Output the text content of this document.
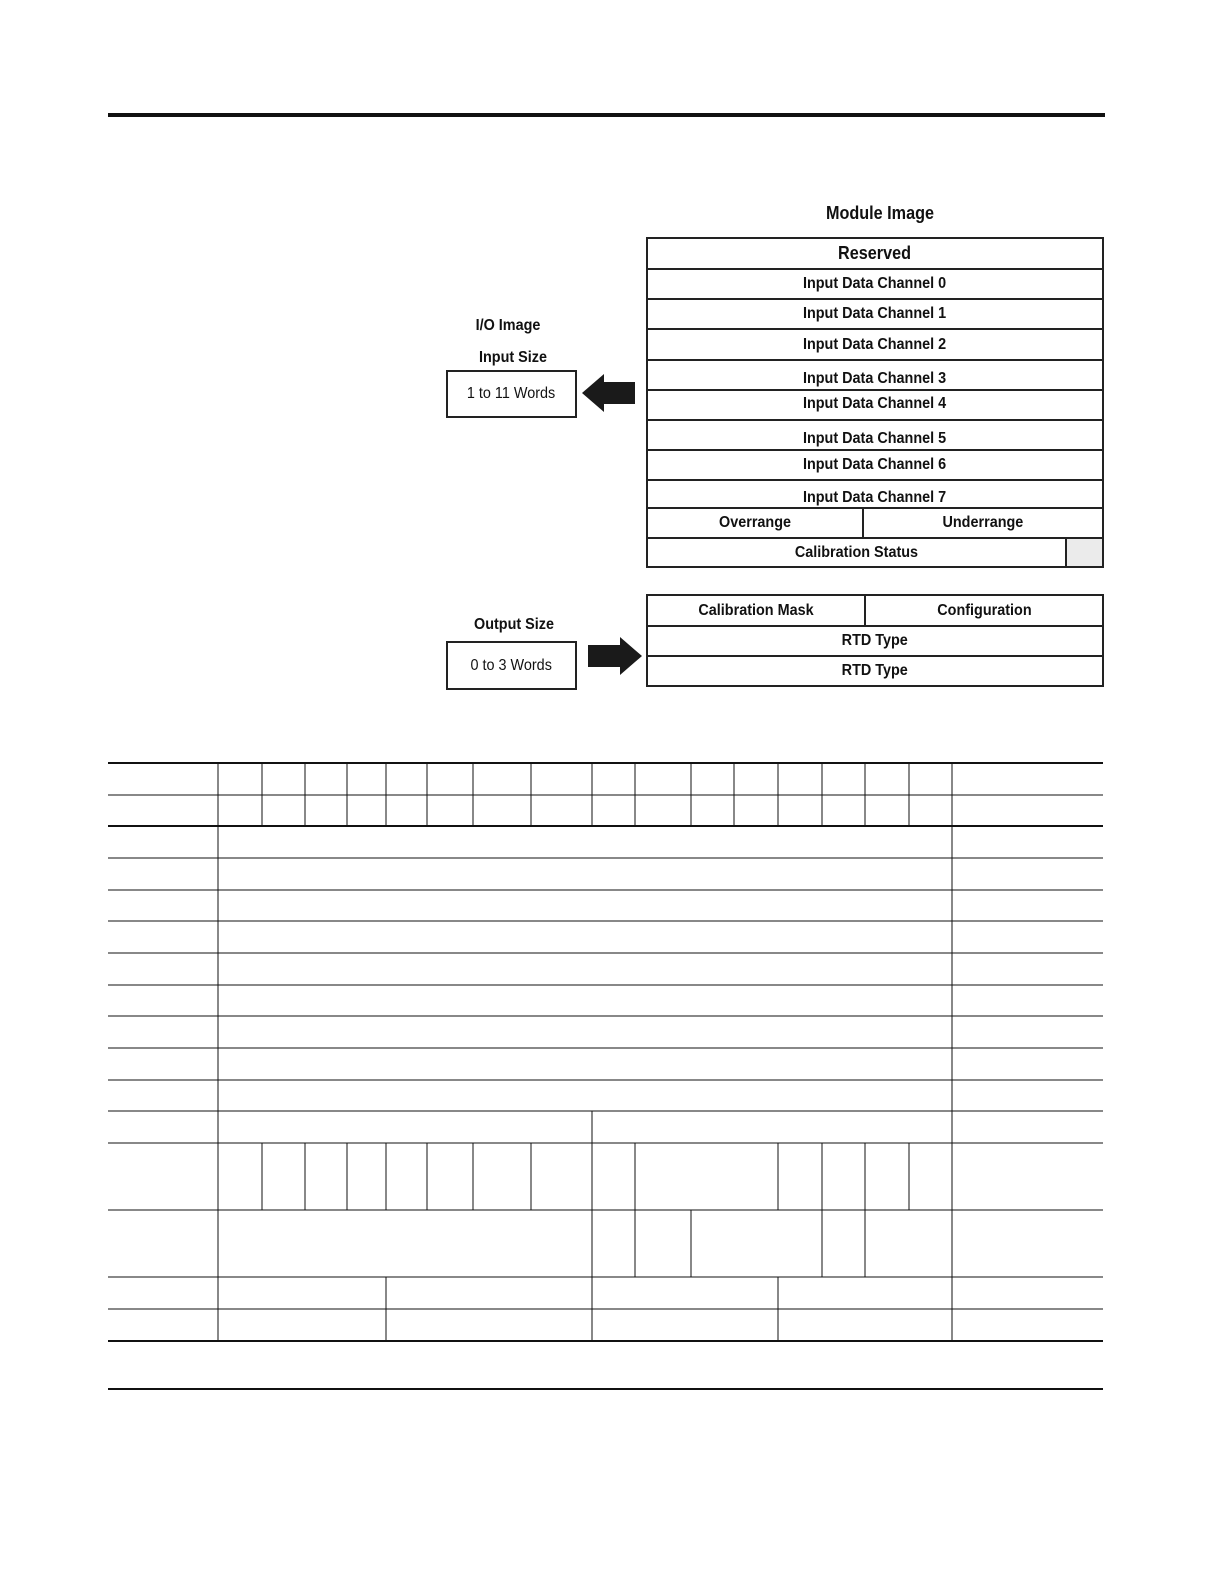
Module Image
Reserved
Input Data Channel 0
Input Data Channel 1
Input Data Channel 2
Input Data Channel 3
Input Data Channel 4
Input Data Channel 5
Input Data Channel 6
Input Data Channel 7
Overrange	Underrange
Calibration Status
Calibration Mask	Configuration
RTD Type
RTD Type
I/O Image
Input Size
1 to 11 Words
Output Size
0 to 3 Words
